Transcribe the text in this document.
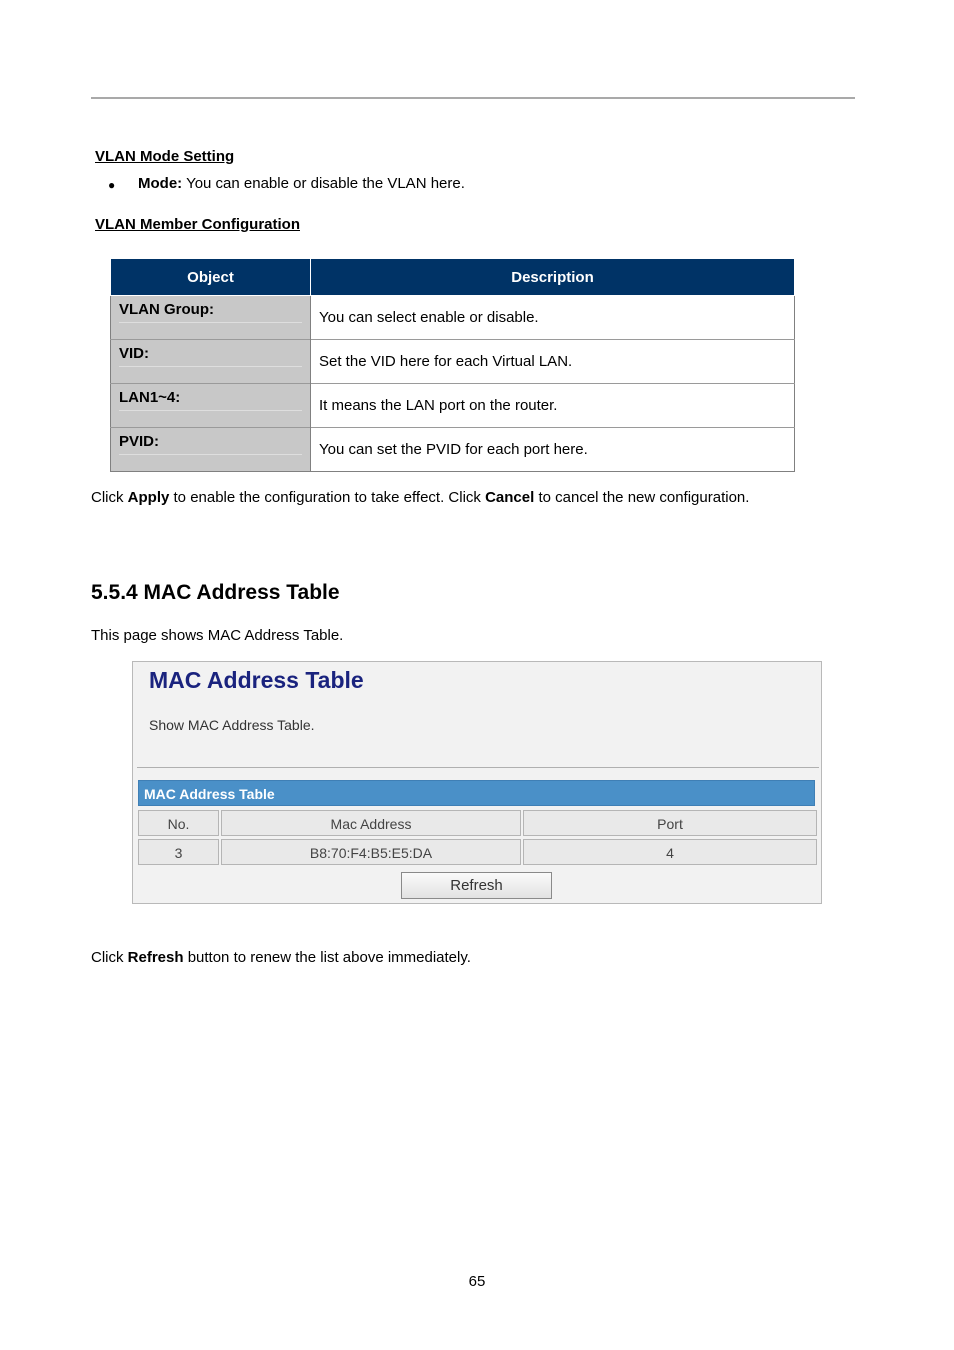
VLAN Mode Setting
● Mode: You can enable or disable the VLAN here.
VLAN Member Configuration
Object	Description

VLAN Group:	You can select enable or disable.

VID:	Set the VID here for each Virtual LAN.

LAN1~4:	It means the LAN port on the router.

PVID:	You can set the PVID for each port here.
Click Apply to enable the configuration to take effect. Click Cancel to cancel the new configuration.
5.5.4 MAC Address Table
This page shows MAC Address Table.
MAC Address Table
Show MAC Address Table.
MAC Address Table
No.	Mac Address	Port
3	B8:70:F4:B5:E5:DA	4
Refresh
Click Refresh button to renew the list above immediately.
65
